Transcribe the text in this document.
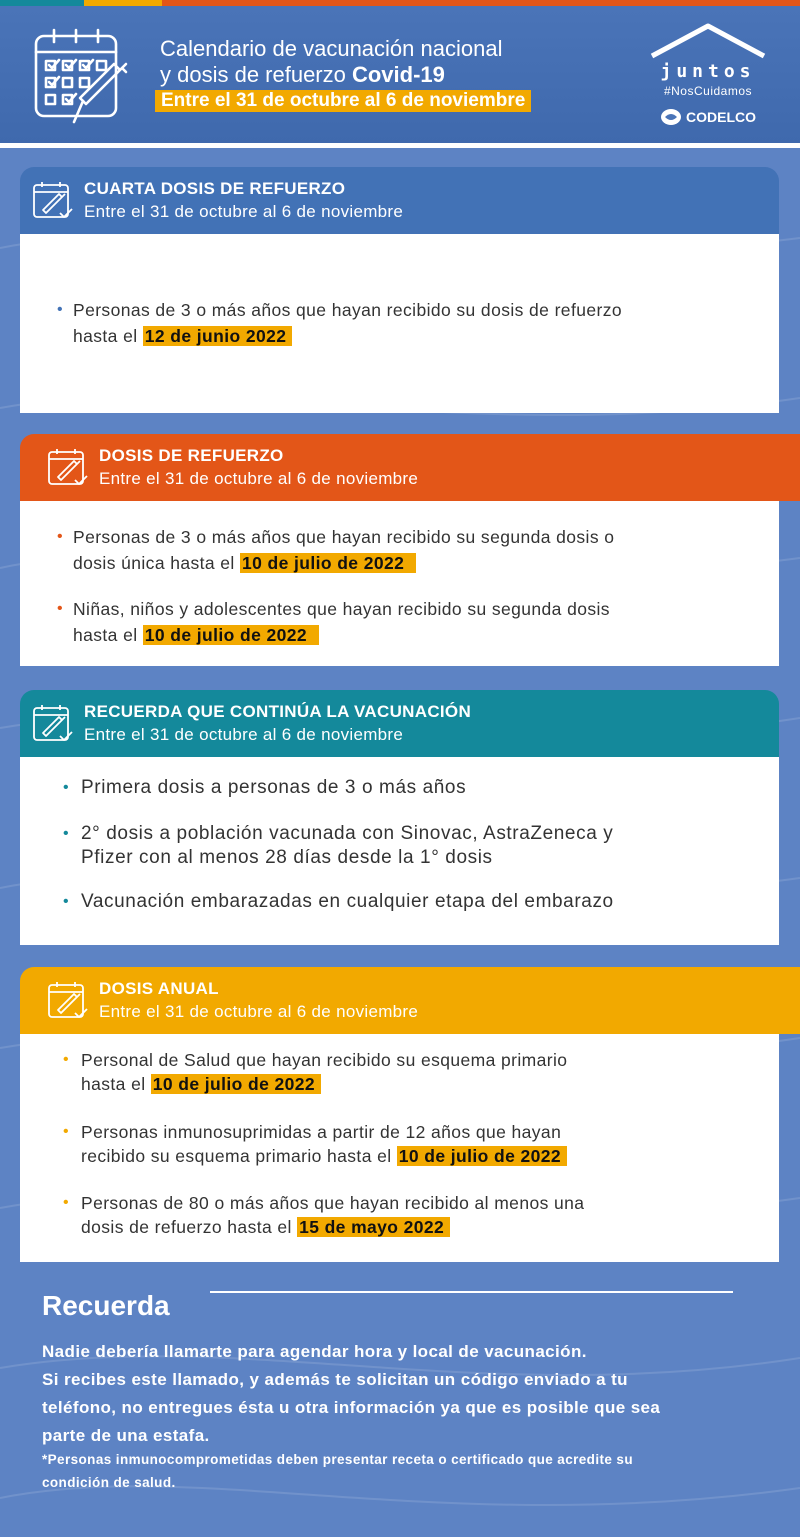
Calendario de vacunación nacional
y dosis de refuerzo Covid-19
Entre el 31 de octubre al 6 de noviembre
juntos
#NosCuidamos
CODELCO
CUARTA DOSIS DE REFUERZO
Entre el 31 de octubre al 6 de noviembre
• Personas de 3 o más años que hayan recibido su dosis de refuerzo
hasta el 12 de junio 2022
DOSIS DE REFUERZO
Entre el 31 de octubre al 6 de noviembre
• Personas de 3 o más años que hayan recibido su segunda dosis o
dosis única hasta el 10 de julio de 2022
• Niñas, niños y adolescentes que hayan recibido su segunda dosis
hasta el 10 de julio de 2022
RECUERDA QUE CONTINÚA LA VACUNACIÓN
Entre el 31 de octubre al 6 de noviembre
• Primera dosis a personas de 3 o más años
• 2° dosis a población vacunada con Sinovac, AstraZeneca y
Pfizer con al menos 28 días desde la 1° dosis
• Vacunación embarazadas en cualquier etapa del embarazo
DOSIS ANUAL
Entre el 31 de octubre al 6 de noviembre
• Personal de Salud que hayan recibido su esquema primario
hasta el 10 de julio de 2022
• Personas inmunosuprimidas a partir de 12 años que hayan
recibido su esquema primario hasta el 10 de julio de 2022
• Personas de 80 o más años que hayan recibido al menos una
dosis de refuerzo hasta el 15 de mayo 2022
Recuerda
Nadie debería llamarte para agendar hora y local de vacunación.
Si recibes este llamado, y además te solicitan un código enviado a tu
teléfono, no entregues ésta u otra información ya que es posible que sea
parte de una estafa.
*Personas inmunocomprometidas deben presentar receta o certificado que acredite su
condición de salud.
